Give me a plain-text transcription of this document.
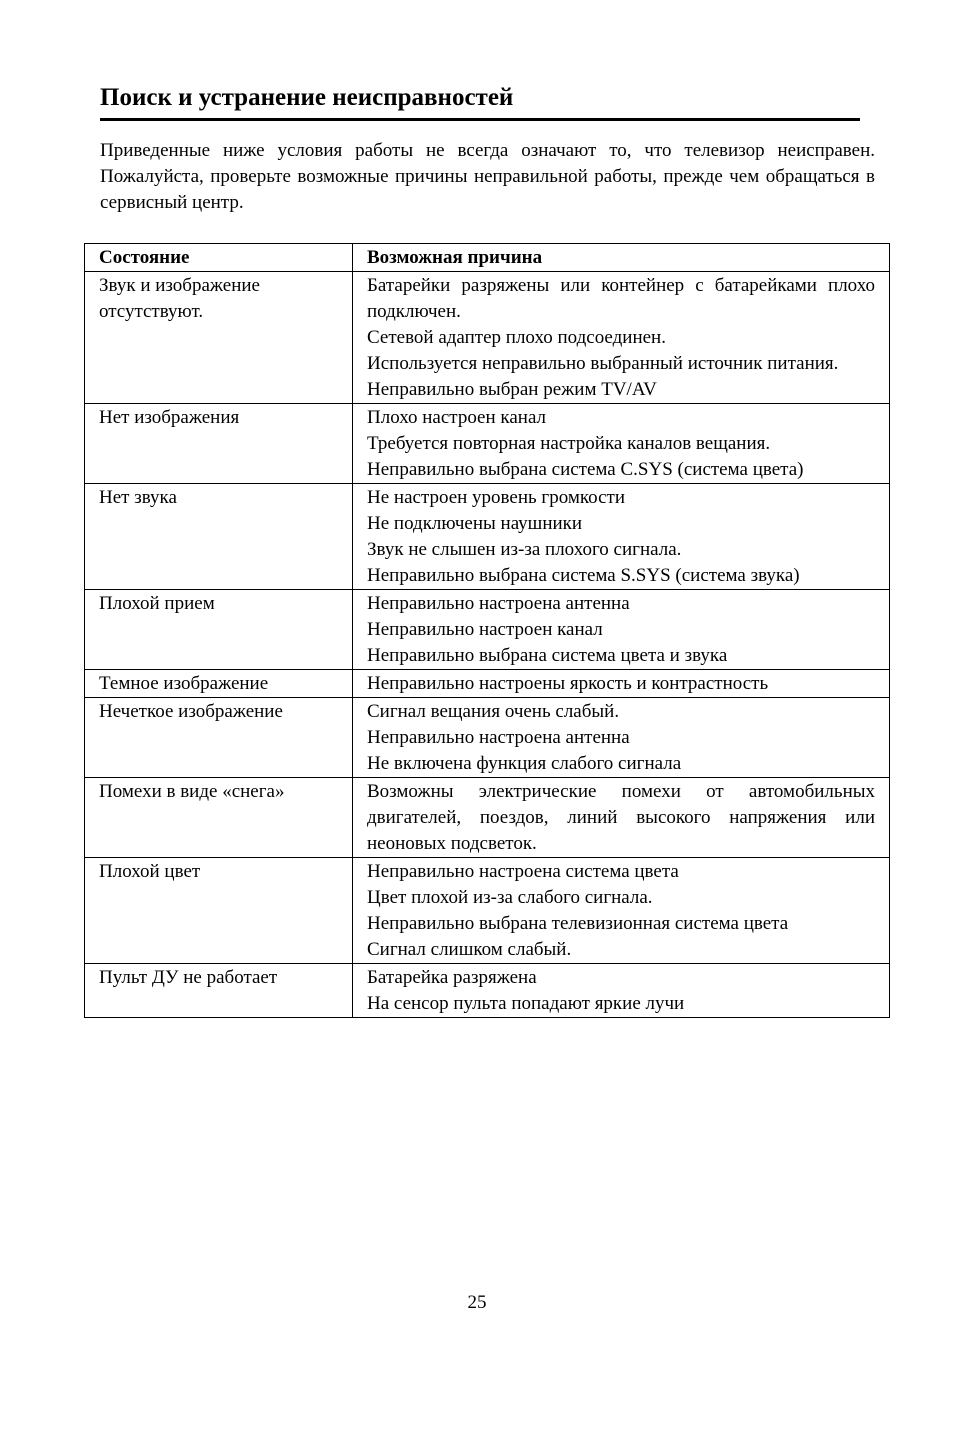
Поиск и устранение неисправностей
Приведенные ниже условия работы не всегда означают то, что телевизор неисправен. Пожалуйста, проверьте возможные причины неправильной работы, прежде чем обращаться в сервисный центр.
Состояние	Возможная причина

Звук и изображение отсутствуют.	Батарейки разряжены или контейнер с батарейками плохо подключен.
Сетевой адаптер плохо подсоединен.
Используется неправильно выбранный источник питания.
Неправильно выбран режим TV/AV

Нет изображения	Плохо настроен канал
Требуется повторная настройка каналов вещания.
Неправильно выбрана система C.SYS (система цвета)

Нет звука	Не настроен уровень громкости
Не подключены наушники
Звук не слышен из-за плохого сигнала.
Неправильно выбрана система S.SYS (система звука)

Плохой прием	Неправильно настроена антенна
Неправильно настроен канал
Неправильно выбрана система цвета и звука

Темное изображение	Неправильно настроены яркость и контрастность

Нечеткое изображение	Сигнал вещания очень слабый.
Неправильно настроена антенна
Не включена функция слабого сигнала

Помехи в виде «снега»	Возможны электрические помехи от автомобильных двигателей, поездов, линий высокого напряжения или неоновых подсветок.

Плохой цвет	Неправильно настроена система цвета
Цвет плохой из-за слабого сигнала.
Неправильно выбрана телевизионная система цвета
Сигнал слишком слабый.

Пульт ДУ не работает	Батарейка разряжена
На сенсор пульта попадают яркие лучи
25
